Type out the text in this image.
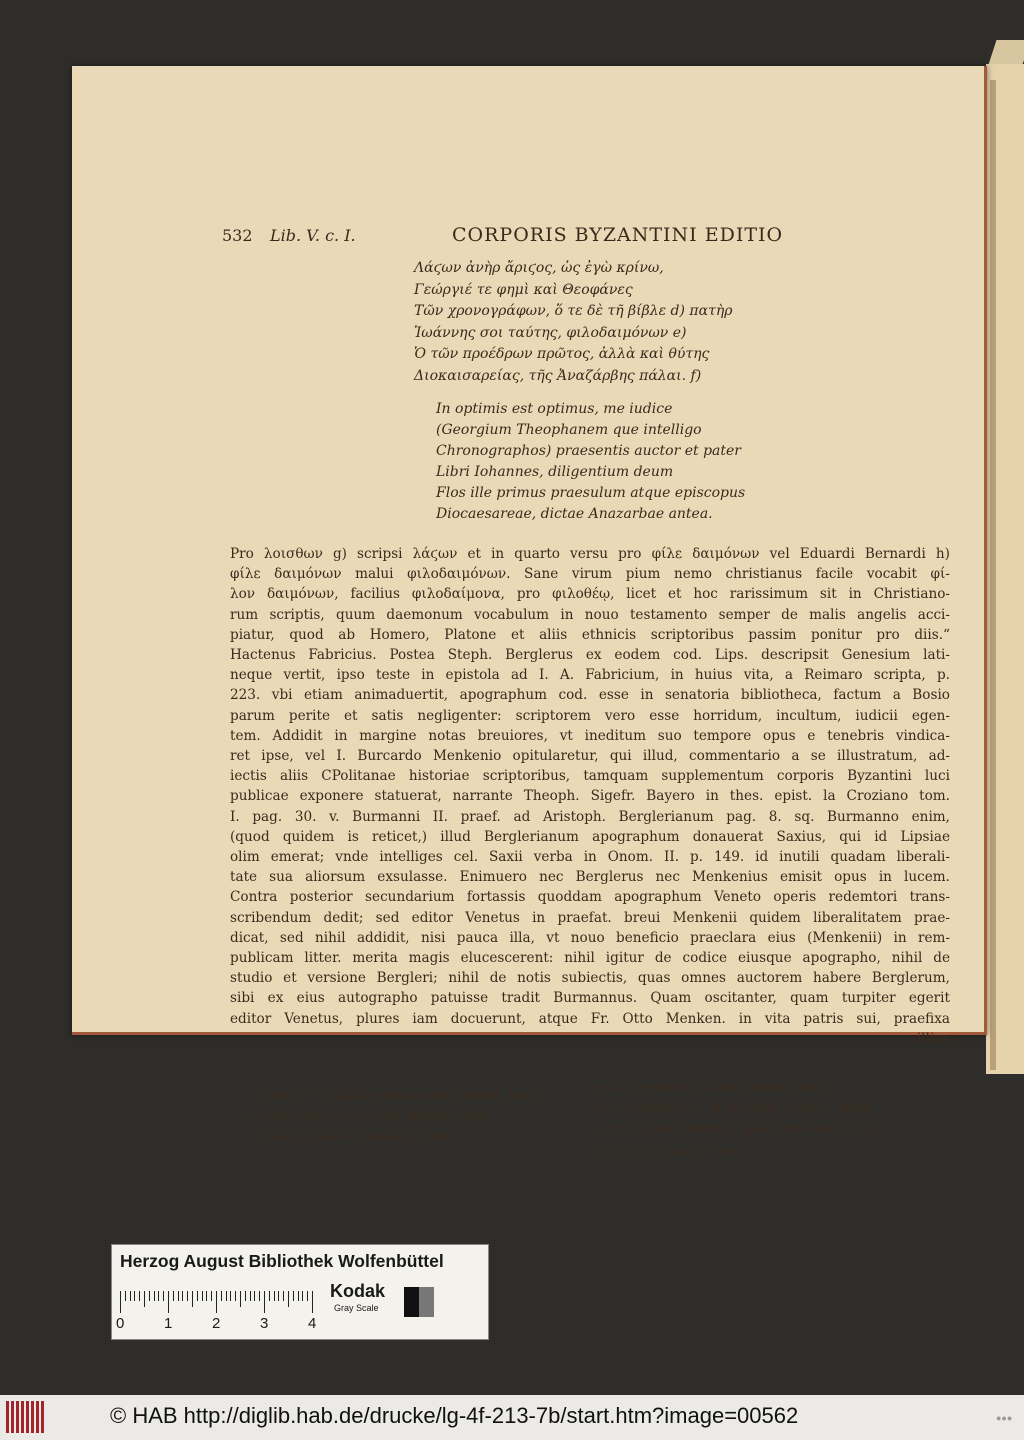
532 Lib. V. c. I.	CORPORIS BYZANTINI EDITIO
Λάϛων ἀνὴρ ἄριϛος, ὡς ἐγὼ κρίνω,
Γεώργιέ τε φημὶ καὶ Θεοφάνες
Τῶν χρονογράφων, ὅ τε δὲ τῆ βίβλε d) πατὴρ
Ἰωάννης σοι ταύτης, φιλοδαιμόνων e)
Ὁ τῶν προέδρων πρῶτος, ἀλλὰ καὶ θύτης
Διοκαισαρείας, τῆς Ἀναζάρβης πάλαι. f)
In optimis est optimus, me iudice
(Georgium Theophanem que intelligo
Chronographos) praesentis auctor et pater
Libri Iohannes, diligentium deum
Flos ille primus praesulum atque episcopus
Diocaesareae, dictae Anazarbae antea.
Pro λοισθων g) scripsi λάϛων et in quarto versu pro φίλε δαιμόνων vel Eduardi Bernardi h)
φίλε δαιμόνων malui φιλοδαιμόνων. Sane virum pium nemo christianus facile vocabit φί-
λον δαιμόνων, facilius φιλοδαίμονα, pro φιλοθέῳ, licet et hoc rarissimum sit in Christiano-
rum scriptis, quum daemonum vocabulum in nouo testamento semper de malis angelis acci-
piatur, quod ab Homero, Platone et aliis ethnicis scriptoribus passim ponitur pro diis.“
Hactenus Fabricius. Postea Steph. Berglerus ex eodem cod. Lips. descripsit Genesium lati-
neque vertit, ipso teste in epistola ad I. A. Fabricium, in huius vita, a Reimaro scripta, p.
223. vbi etiam animaduertit, apographum cod. esse in senatoria bibliotheca, factum a Bosio
parum perite et satis negligenter: scriptorem vero esse horridum, incultum, iudicii egen-
tem. Addidit in margine notas breuiores, vt ineditum suo tempore opus e tenebris vindica-
ret ipse, vel I. Burcardo Menkenio opitularetur, qui illud, commentario a se illustratum, ad-
iectis aliis CPolitanae historiae scriptoribus, tamquam supplementum corporis Byzantini luci
publicae exponere statuerat, narrante Theoph. Sigefr. Bayero in thes. epist. la Croziano tom.
I. pag. 30. v. Burmanni II. praef. ad Aristoph. Berglerianum pag. 8. sq. Burmanno enim,
(quod quidem is reticet,) illud Berglerianum apographum donauerat Saxius, qui id Lipsiae
olim emerat; vnde intelliges cel. Saxii verba in Onom. II. p. 149. id inutili quadam liberali-
tate sua aliorsum exsulasse. Enimuero nec Berglerus nec Menkenius emisit opus in lucem.
Contra posterior secundarium fortassis quoddam apographum Veneto operis redemtori trans-
scribendum dedit; sed editor Venetus in praefat. breui Menkenii quidem liberalitatem prae-
dicat, sed nihil addidit, nisi pauca illa, vt nouo beneficio praeclara eius (Menkenii) in rem-
publicam litter. merita magis elucescerent: nihil igitur de codice eiusque apographo, nihil de
studio et versione Bergleri; nihil de notis subiectis, quas omnes auctorem habere Berglerum,
sibi ex eius autographo patuisse tradit Burmannus. Quam oscitanter, quam turpiter egerit
editor Venetus, plures iam docuerunt, atque Fr. Otto Menken. in vita patris sui, praefixa
illius
d) τῆς δὲ τῆς βίβλε exstat in ed. Veneta. Harl.
e) φίλε δαιμόνων in ed. Veneta. Harl.
f) πάλαι abest ed. Veneta. Harl.
g) Λοῖϛος legitur in ed. Veneta. Harl.
h) V. Caueum l. c. et act erud. Lips. a. 1699.
p. 160. Aliter Oudinus, quem vide tom. II. de
S. S. E. E. pag. 437. sq.
Herzog August Bibliothek Wolfenbüttel
0	1	2	3	4
Kodak
Gray Scale
© HAB http://diglib.hab.de/drucke/lg-4f-213-7b/start.htm?image=00562	●●●
